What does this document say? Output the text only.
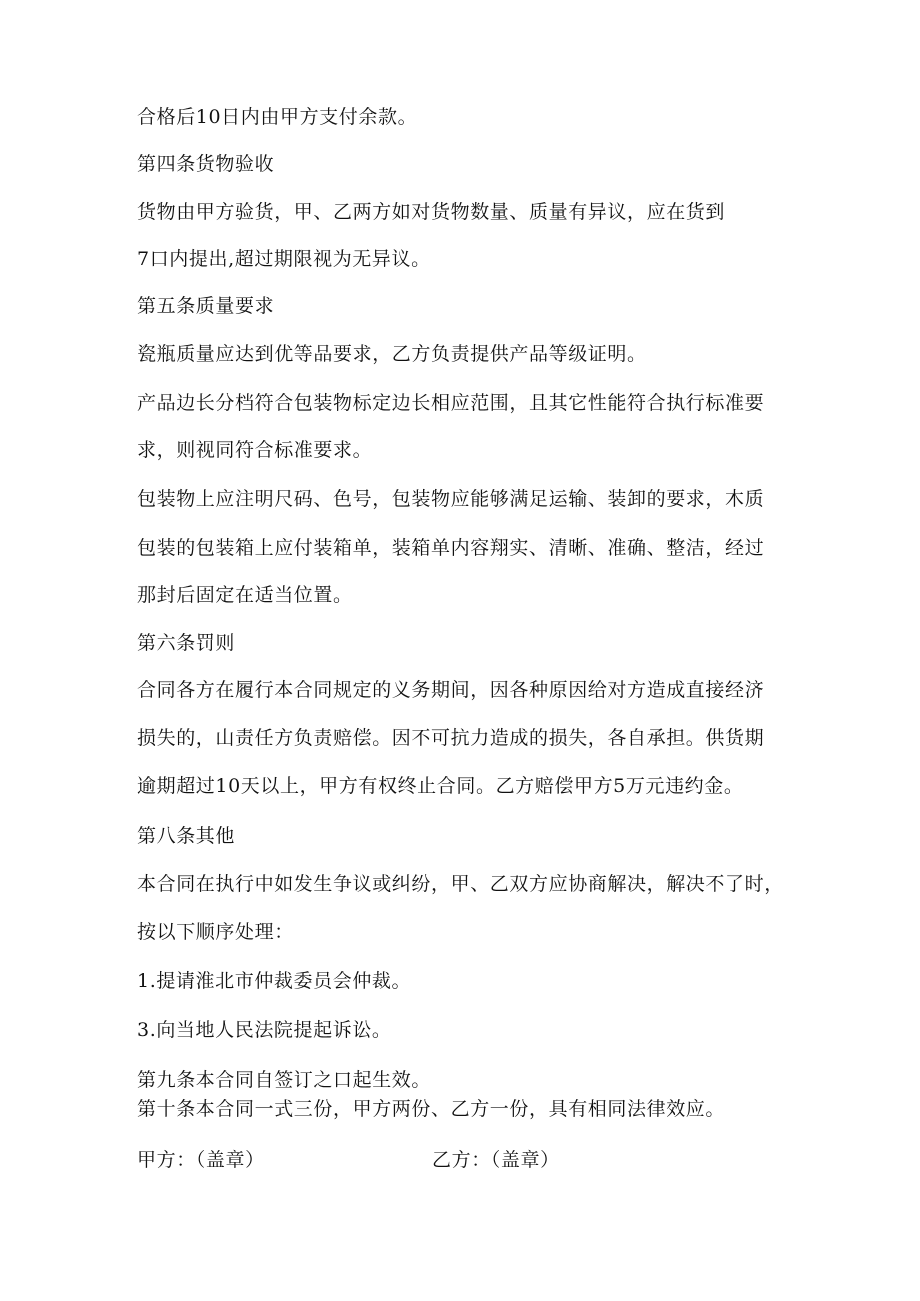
合格后10日内由甲方支付余款。
第四条货物验收
货物由甲方验货，甲、乙两方如对货物数量、质量有异议，应在货到
7口内提出,超过期限视为无异议。
第五条质量要求
瓷瓶质量应达到优等品要求，乙方负责提供产品等级证明。
产品边长分档符合包装物标定边长相应范围，且其它性能符合执行标准要
求，则视同符合标准要求。
包装物上应注明尺码、色号，包装物应能够满足运输、装卸的要求，木质
包装的包装箱上应付装箱单，装箱单内容翔实、清晰、准确、整洁，经过
那封后固定在适当位置。
第六条罚则
合同各方在履行本合同规定的义务期间，因各种原因给对方造成直接经济
损失的，山责任方负责赔偿。因不可抗力造成的损失，各自承担。供货期
逾期超过10天以上，甲方有权终止合同。乙方赔偿甲方5万元违约金。
第八条其他
本合同在执行中如发生争议或纠纷，甲、乙双方应协商解决，解决不了时，
按以下顺序处理：
1.提请淮北市仲裁委员会仲裁。
3.向当地人民法院提起诉讼。
第九条本合同自签订之口起生效。
第十条本合同一式三份，甲方两份、乙方一份，具有相同法律效应。
甲方：（盖章）	乙方：（盖章）
